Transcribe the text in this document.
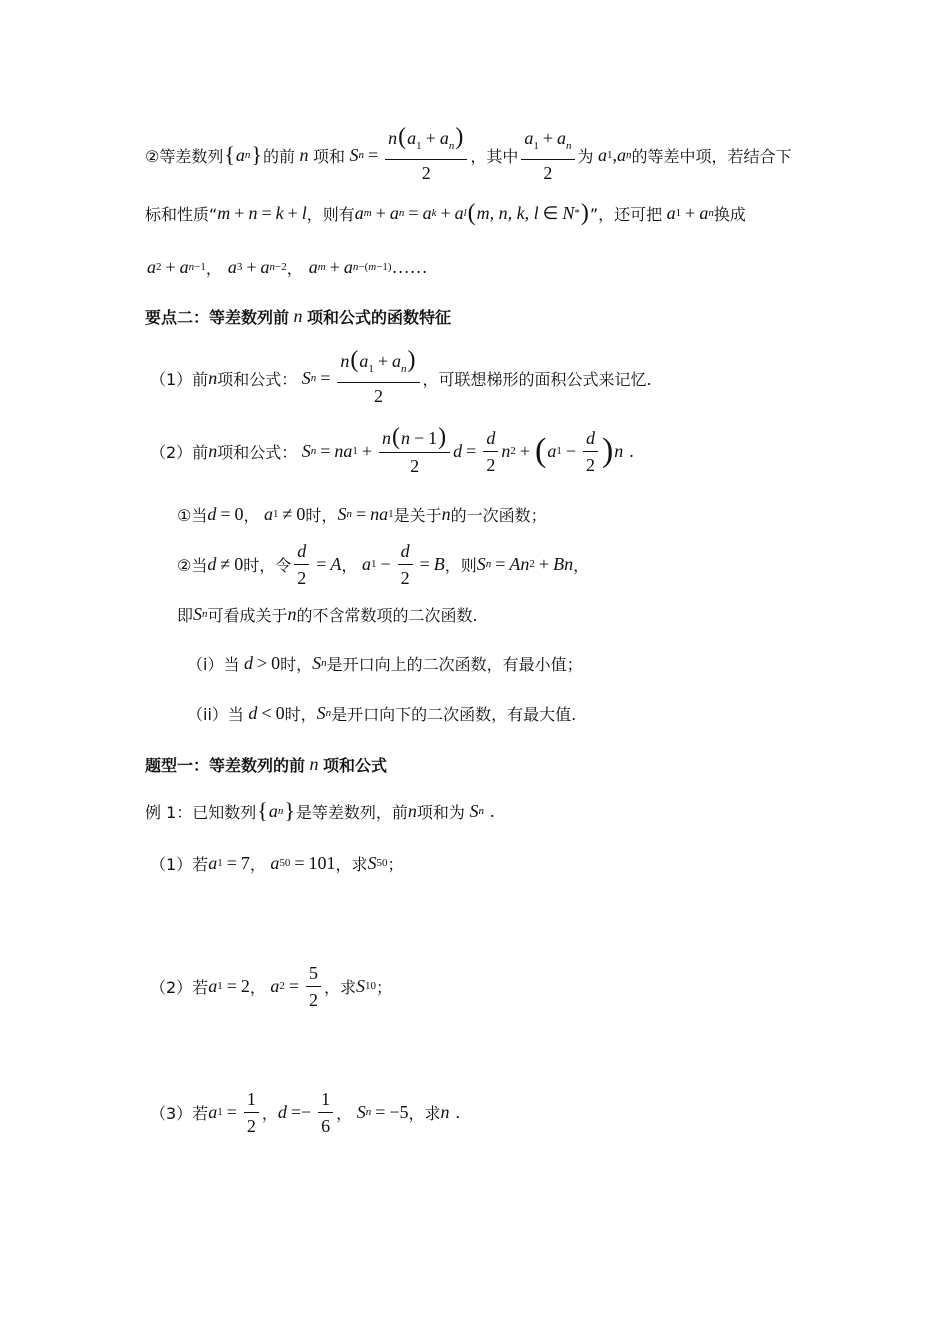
②等差数列 { a n } 的前 n 项和 S $n = \frac{n(a_1 + a_n)}{2}$ ，其中 $\frac{a_1 + a_n}{2}$ 为 a 1 , a n 的等差中项，若结合下
标和性质“ m + n = k + l ，则有 a m + a n = a k + a l ( m, n, k, l ∈ N * ) ”，还可把 a 1 + a n 换成
a 2 + a n −1 ， a 3 + a n −2 ， a m + a n −( m −1) ……
要点二：等差数列前 n 项和公式的函数特征
（1）前 n 项和公式： S $n = \frac{n(a_1 + a_n)}{2}$ ，可联想梯形的面积公式来记忆.
（2）前 n 项和公式： S n = na $1 + \frac{n(n - 1)}{2}$ $d = \frac{d}{2}$ n 2 + ( a $1 - \frac{d}{2}$ ) n .
①当 d = 0 ， a 1 ≠ 0 时， S n = na 1 是关于 n 的一次函数；
②当 d ≠ 0 时，令 $\frac{d}{2} = A$ ， a $1 - \frac{d}{2} = B$ ，则 S n = An 2 + Bn ，
即 S n 可看成关于 n 的不含常数项的二次函数.
（i）当 d > 0 时， S n 是开口向上的二次函数，有最小值；
（ii）当 d < 0 时， S n 是开口向下的二次函数，有最大值.
题型一：等差数列的前 n 项和公式
例 1：已知数列 { a n } 是等差数列，前 n 项和为 S n .
（1）若 a 1 = 7 ， a 50 = 101 ，求 S 50 ；
（2）若 a 1 = 2 ， a $2 = \frac{5}{2}$ ，求 S 10 ；
（3）若 a $1 = \frac{1}{2}$ ， $d =- \frac{1}{6}$ ， S n = −5 ，求 n .
